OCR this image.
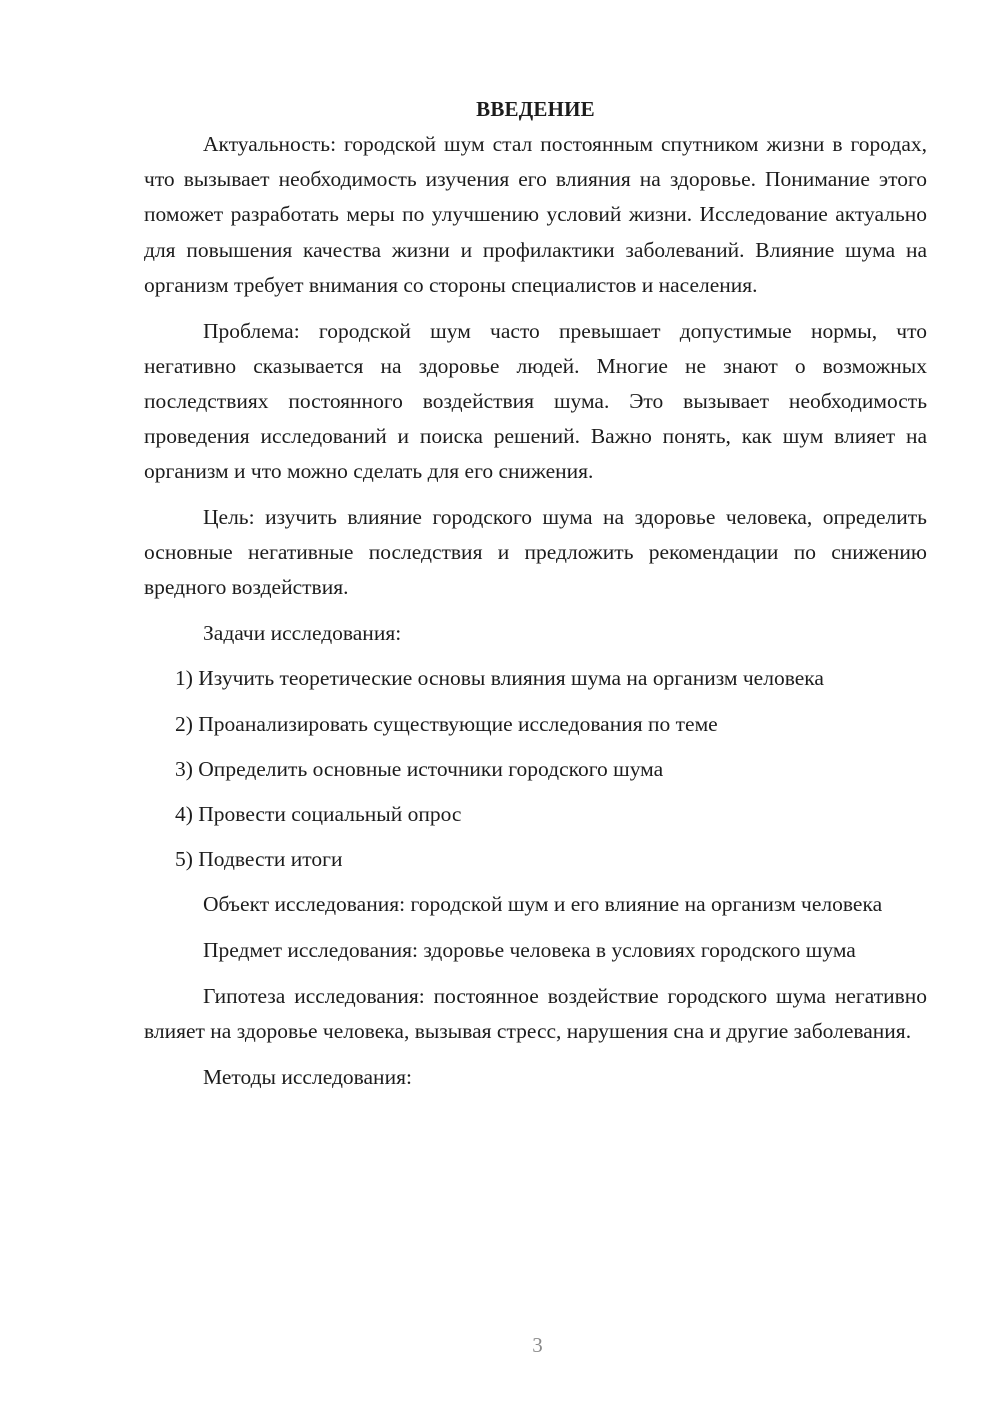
ВВЕДЕНИЕ

Актуальность: городской шум стал постоянным спутником жизни в городах, что вызывает необходимость изучения его влияния на здоровье. Понимание этого поможет разработать меры по улучшению условий жизни. Исследование актуально для повышения качества жизни и профилактики заболеваний. Влияние шума на организм требует внимания со стороны специалистов и населения.

Проблема: городской шум часто превышает допустимые нормы, что негативно сказывается на здоровье людей. Многие не знают о возможных последствиях постоянного воздействия шума. Это вызывает необходимость проведения исследований и поиска решений. Важно понять, как шум влияет на организм и что можно сделать для его снижения.

Цель: изучить влияние городского шума на здоровье человека, определить основные негативные последствия и предложить рекомендации по снижению вредного воздействия.

Задачи исследования:

1) Изучить теоретические основы влияния шума на организм человека

2) Проанализировать существующие исследования по теме

3) Определить основные источники городского шума

4) Провести социальный опрос

5) Подвести итоги

Объект исследования: городской шум и его влияние на организм человека

Предмет исследования: здоровье человека в условиях городского шума

Гипотеза исследования: постоянное воздействие городского шума негативно влияет на здоровье человека, вызывая стресс, нарушения сна и другие заболевания.

Методы исследования:

3
